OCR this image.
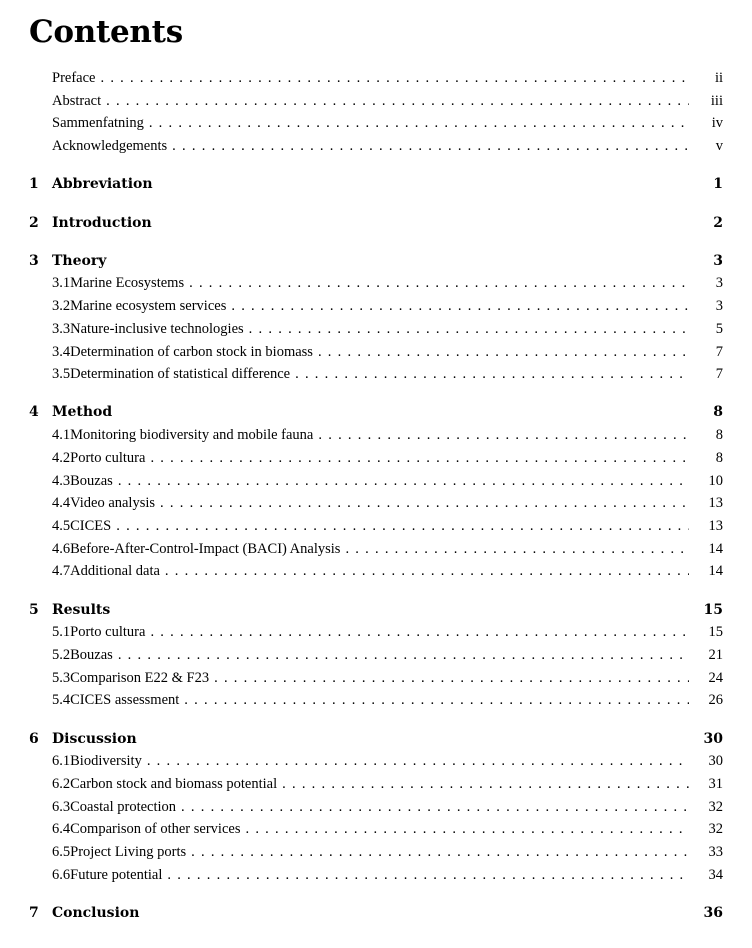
Contents
Preface . . .	ii
Abstract . . .	iii
Sammenfatning . . .	iv
Acknowledgements . . .	v
1 Abbreviation	1
2 Introduction	2
3 Theory	3
3.1 Marine Ecosystems . . .	3
3.2 Marine ecosystem services . . .	3
3.3 Nature-inclusive technologies . . .	5
3.4 Determination of carbon stock in biomass . . .	7
3.5 Determination of statistical difference . . .	7
4 Method	8
4.1 Monitoring biodiversity and mobile fauna . . .	8
4.2 Porto cultura . . .	8
4.3 Bouzas . . .	10
4.4 Video analysis . . .	13
4.5 CICES . . .	13
4.6 Before-After-Control-Impact (BACI) Analysis . . .	14
4.7 Additional data . . .	14
5 Results	15
5.1 Porto cultura . . .	15
5.2 Bouzas . . .	21
5.3 Comparison E22 & F23 . . .	24
5.4 CICES assessment . . .	26
6 Discussion	30
6.1 Biodiversity . . .	30
6.2 Carbon stock and biomass potential . . .	31
6.3 Coastal protection . . .	32
6.4 Comparison of other services . . .	32
6.5 Project Living ports . . .	33
6.6 Future potential . . .	34
7 Conclusion	36
